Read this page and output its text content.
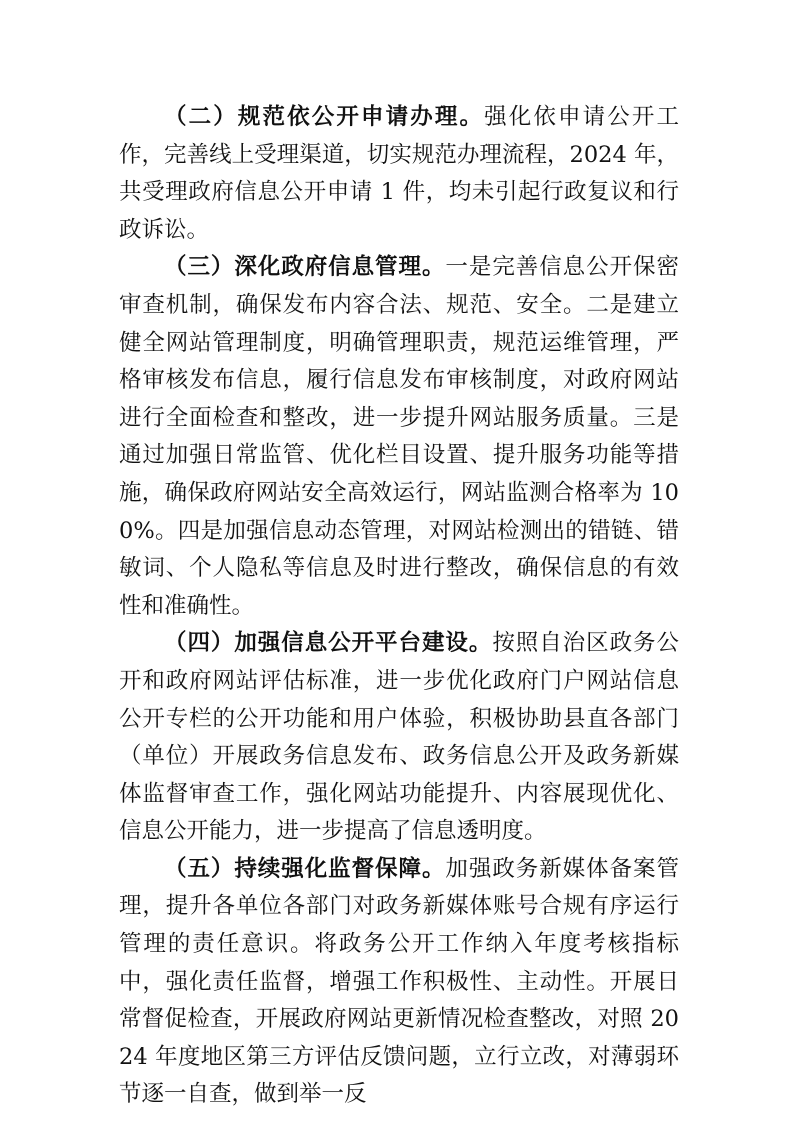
（二）规范依公开申请办理。强化依申请公开工作，完善线上受理渠道，切实规范办理流程，2024 年，共受理政府信息公开申请 1 件，均未引起行政复议和行政诉讼。

（三）深化政府信息管理。一是完善信息公开保密审查机制，确保发布内容合法、规范、安全。二是建立健全网站管理制度，明确管理职责，规范运维管理，严格审核发布信息，履行信息发布审核制度，对政府网站进行全面检查和整改，进一步提升网站服务质量。三是通过加强日常监管、优化栏目设置、提升服务功能等措施，确保政府网站安全高效运行，网站监测合格率为 100%。四是加强信息动态管理，对网站检测出的错链、错敏词、个人隐私等信息及时进行整改，确保信息的有效性和准确性。

（四）加强信息公开平台建设。按照自治区政务公开和政府网站评估标准，进一步优化政府门户网站信息公开专栏的公开功能和用户体验，积极协助县直各部门（单位）开展政务信息发布、政务信息公开及政务新媒体监督审查工作，强化网站功能提升、内容展现优化、信息公开能力，进一步提高了信息透明度。

（五）持续强化监督保障。加强政务新媒体备案管理，提升各单位各部门对政务新媒体账号合规有序运行管理的责任意识。将政务公开工作纳入年度考核指标中，强化责任监督，增强工作积极性、主动性。开展日常督促检查，开展政府网站更新情况检查整改，对照 2024 年度地区第三方评估反馈问题，立行立改，对薄弱环节逐一自查，做到举一反
